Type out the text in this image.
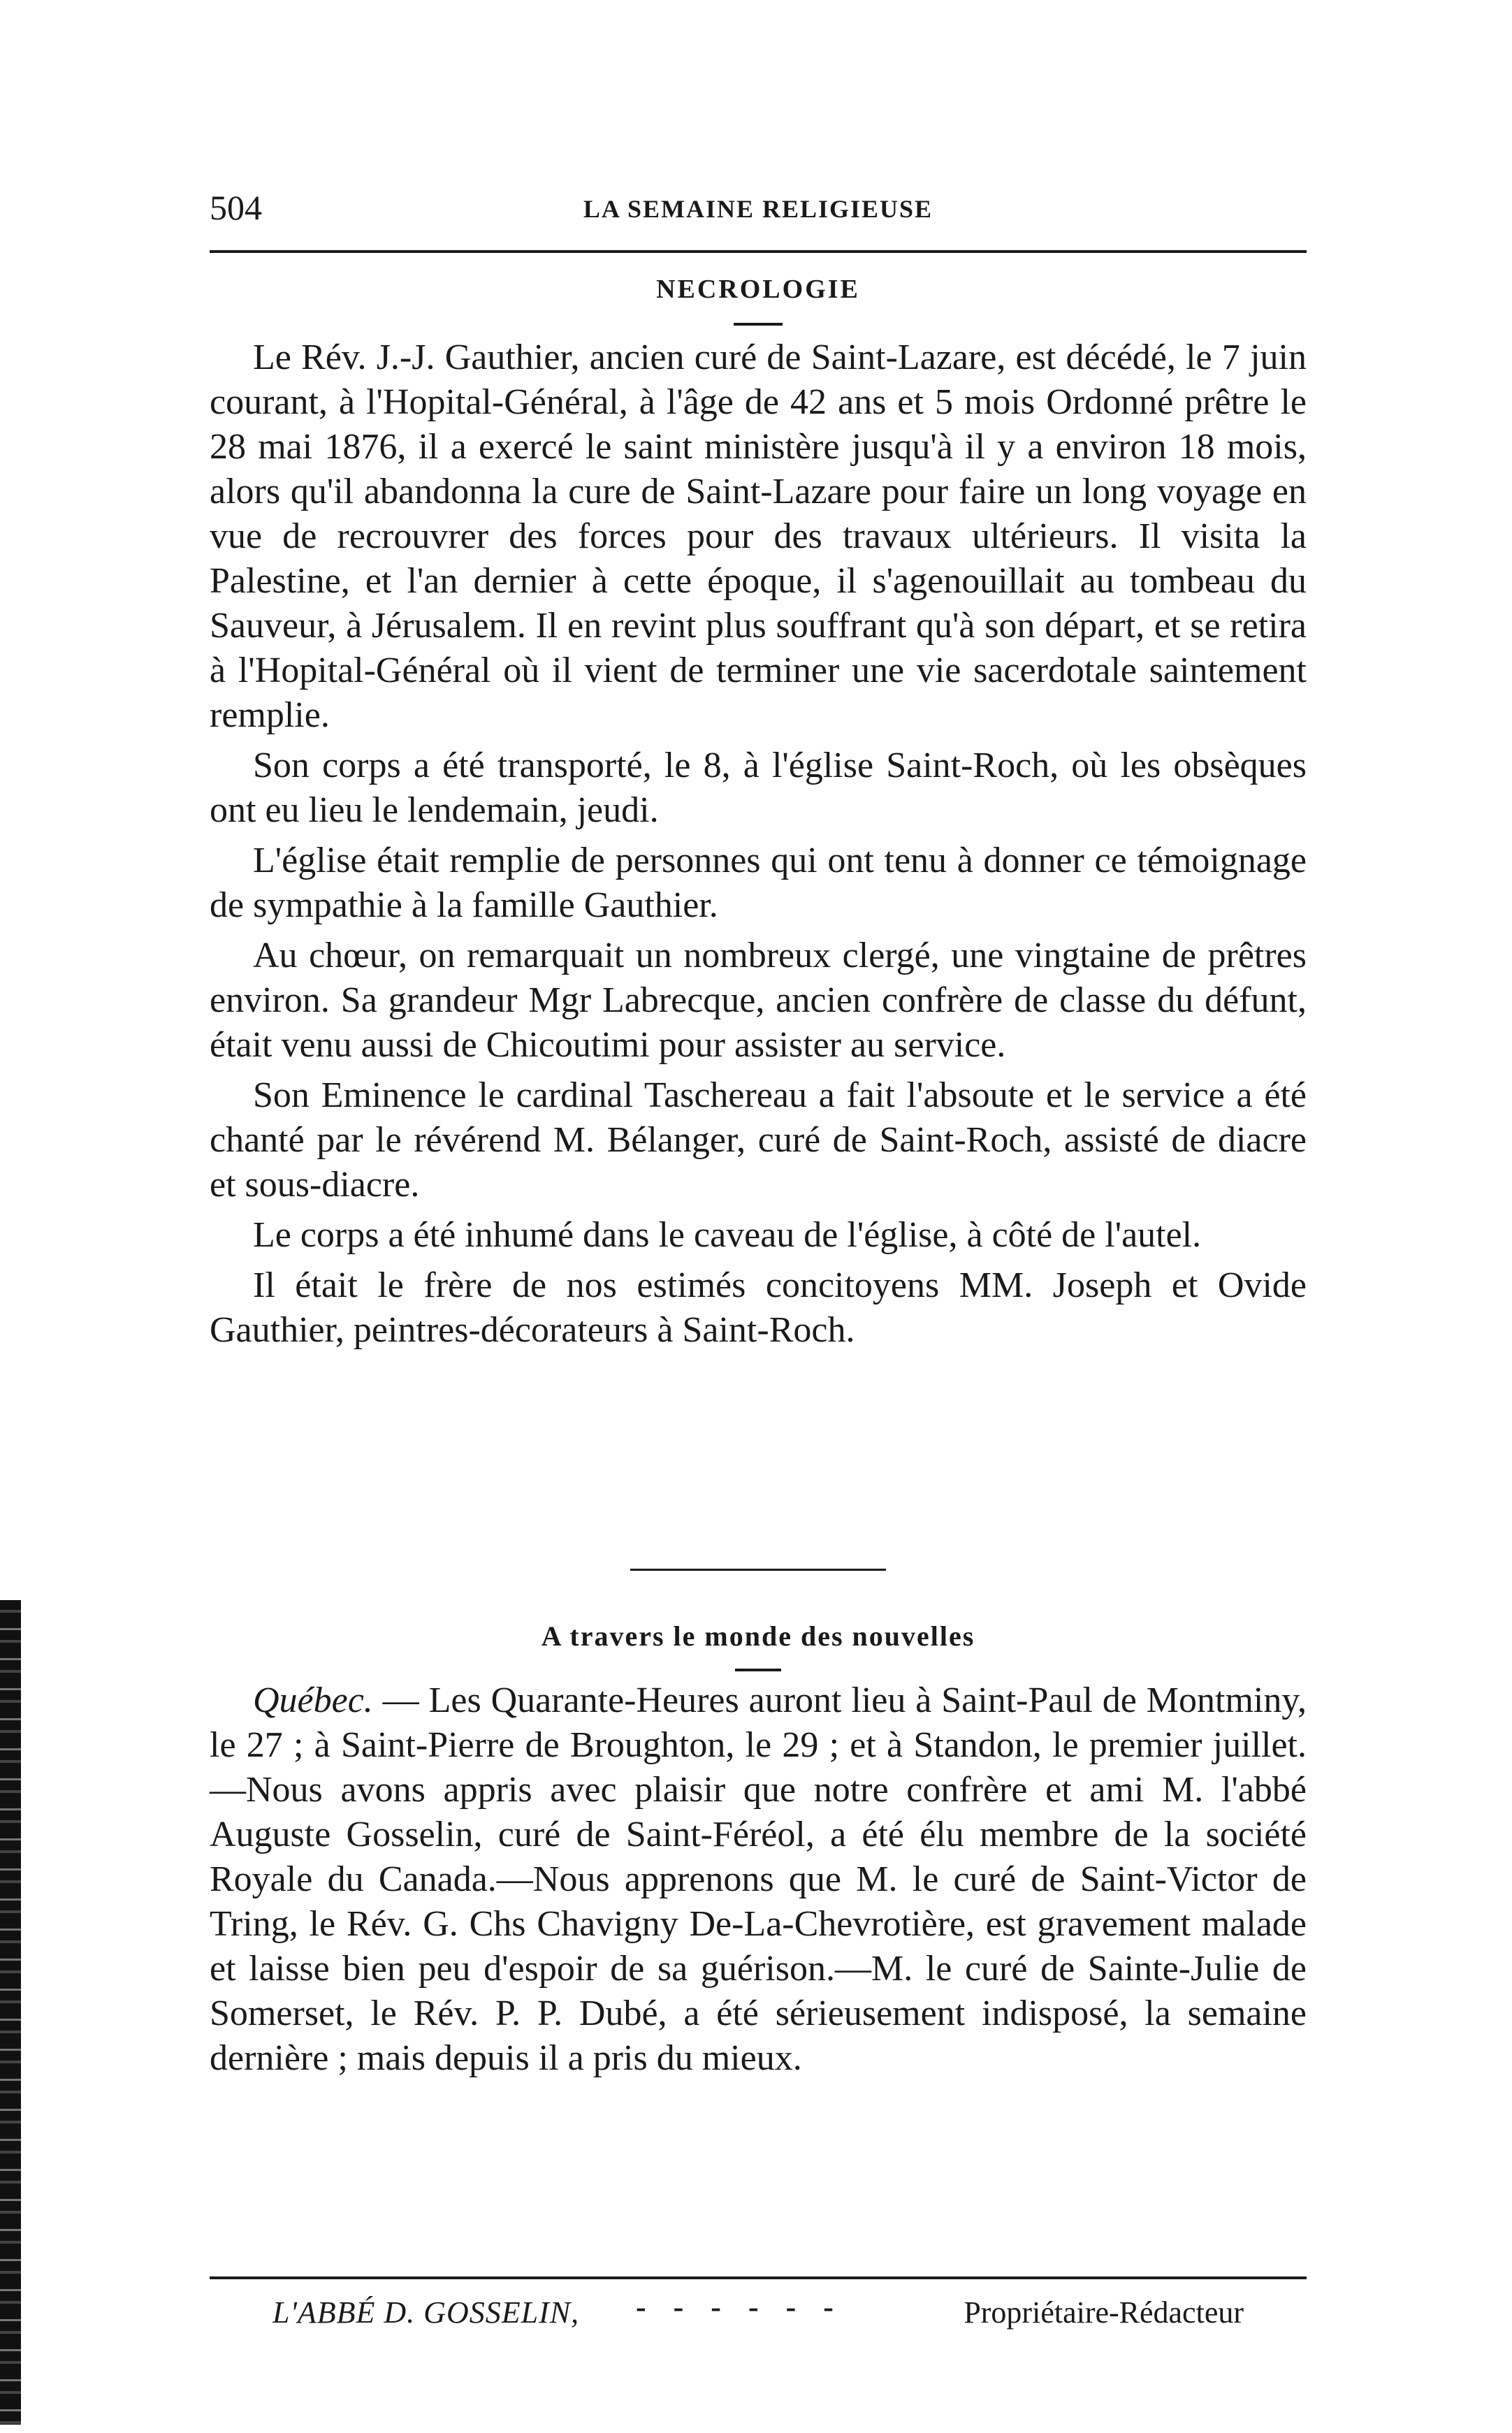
504	LA SEMAINE RELIGIEUSE
NECROLOGIE

Le Rév. J.-J. Gauthier, ancien curé de Saint-Lazare, est décédé, le 7 juin courant, à l'Hopital-Général, à l'âge de 42 ans et 5 mois Ordonné prêtre le 28 mai 1876, il a exercé le saint ministère jusqu'à il y a environ 18 mois, alors qu'il abandonna la cure de Saint-Lazare pour faire un long voyage en vue de recrouvrer des forces pour des travaux ultérieurs. Il visita la Palestine, et l'an dernier à cette époque, il s'agenouillait au tombeau du Sauveur, à Jérusalem. Il en revint plus souffrant qu'à son départ, et se retira à l'Hopital-Général où il vient de terminer une vie sacerdotale saintement remplie.

Son corps a été transporté, le 8, à l'église Saint-Roch, où les obsèques ont eu lieu le lendemain, jeudi.

L'église était remplie de personnes qui ont tenu à donner ce témoignage de sympathie à la famille Gauthier.

Au chœur, on remarquait un nombreux clergé, une vingtaine de prêtres environ. Sa grandeur Mgr Labrecque, ancien confrère de classe du défunt, était venu aussi de Chicoutimi pour assister au service.

Son Eminence le cardinal Taschereau a fait l'absoute et le service a été chanté par le révérend M. Bélanger, curé de Saint-Roch, assisté de diacre et sous-diacre.

Le corps a été inhumé dans le caveau de l'église, à côté de l'autel.

Il était le frère de nos estimés concitoyens MM. Joseph et Ovide Gauthier, peintres-décorateurs à Saint-Roch.

A travers le monde des nouvelles

Québec. — Les Quarante-Heures auront lieu à Saint-Paul de Montminy, le 27 ; à Saint-Pierre de Broughton, le 29 ; et à Standon, le premier juillet.—Nous avons appris avec plaisir que notre confrère et ami M. l'abbé Auguste Gosselin, curé de Saint-Féréol, a été élu membre de la société Royale du Canada.—Nous apprenons que M. le curé de Saint-Victor de Tring, le Rév. G. Chs Chavigny De-La-Chevrotière, est gravement malade et laisse bien peu d'espoir de sa guérison.—M. le curé de Sainte-Julie de Somerset, le Rév. P. P. Dubé, a été sérieusement indisposé, la semaine dernière ; mais depuis il a pris du mieux.

L'ABBÉ D. GOSSELIN, - - - - - -	Propriétaire-Rédacteur
